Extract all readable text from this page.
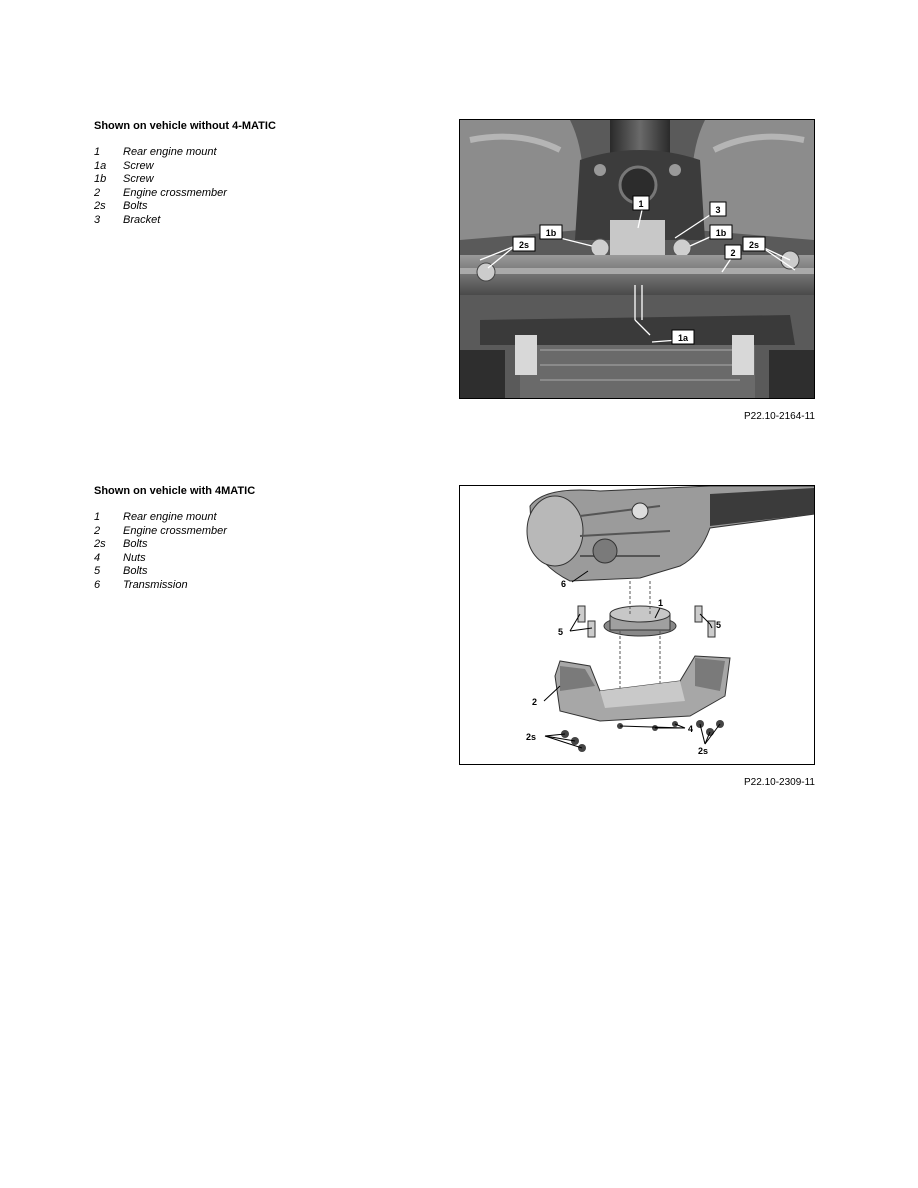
Shown on vehicle without 4-MATIC
1	Rear engine mount
1a	Screw
1b	Screw
2	Engine crossmember
2s	Bolts
3	Bracket
1
3
1b	1b
2s	2s
2
1a
P22.10-2164-11
Shown on vehicle with 4MATIC
1	Rear engine mount
2	Engine crossmember
2s	Bolts
4	Nuts
5	Bolts
6	Transmission	6
1
5
5
2
2s
4
2s
P22.10-2309-11
